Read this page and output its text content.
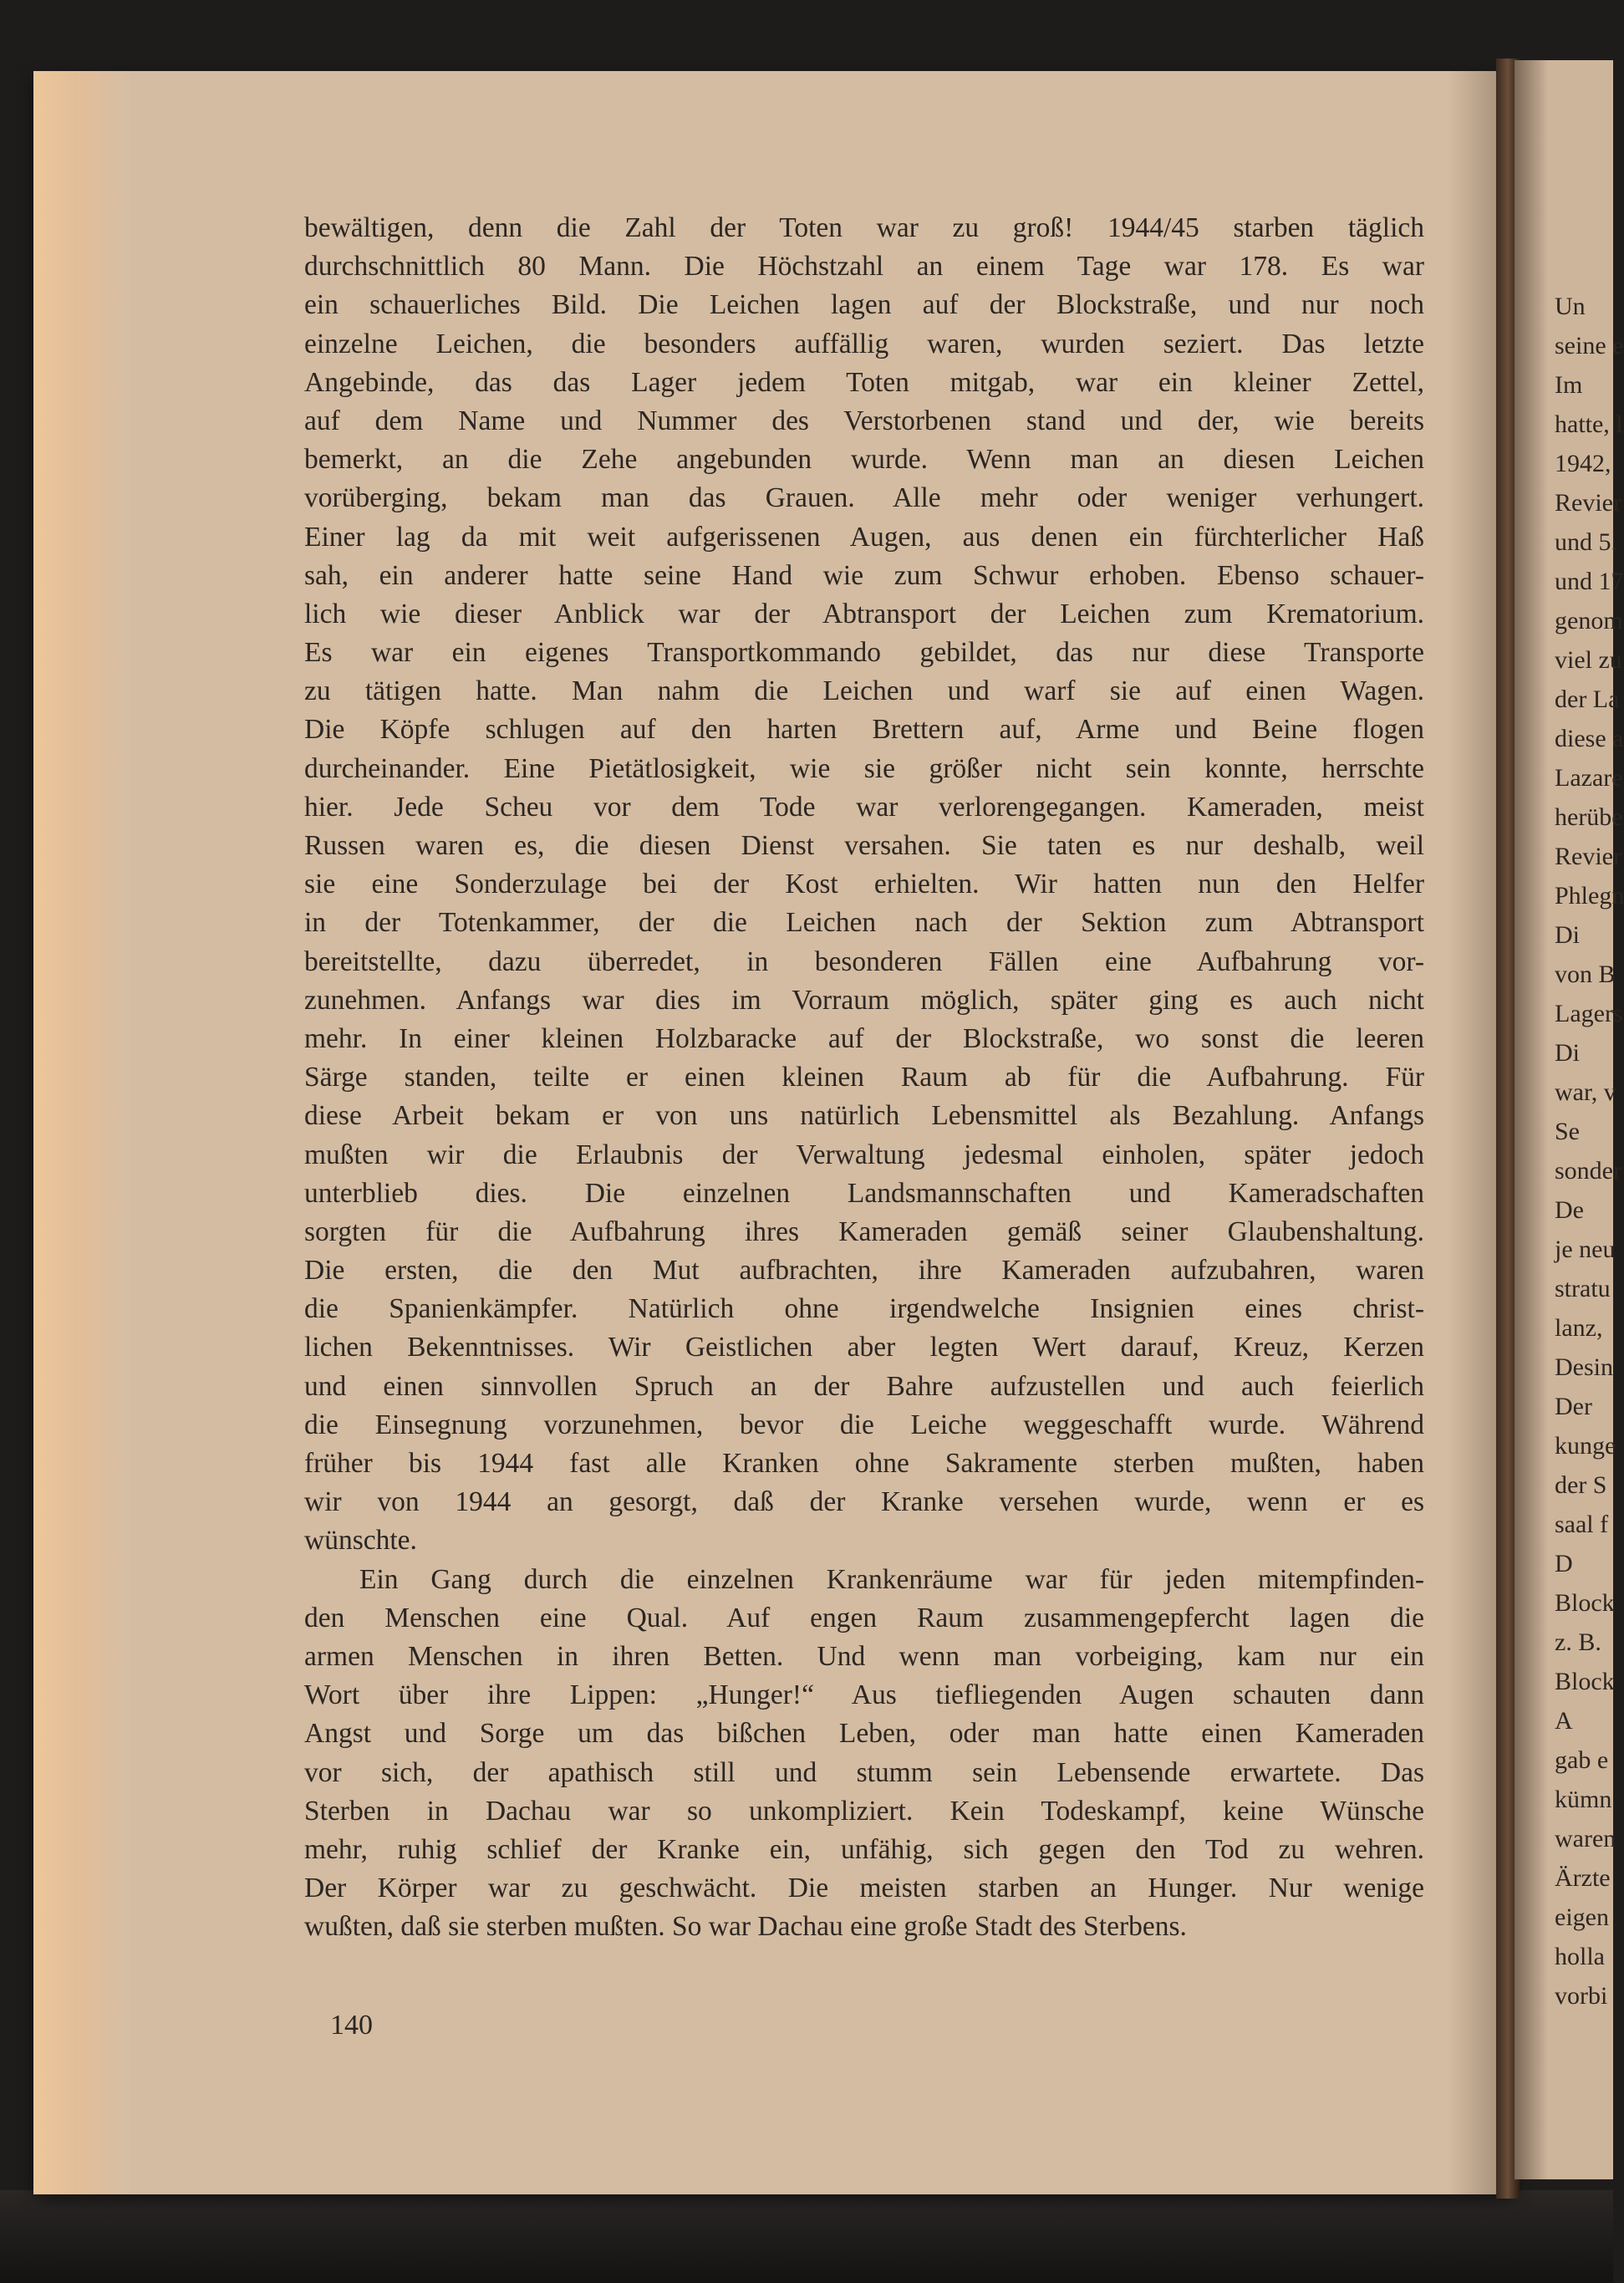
Un

seine e

Im

hatte, l

1942,

Revier

und 5.

und 17

genom

viel zu

der La

diese a

Lazare

herübe

Revier

Phlegn

Di

von B

Lagers

Di

war, v

Se

sonder

De

je neu

stratu

lanz,

Desin

Der

kunge

der S

saal f

D

Block

z. B.

Block

A

gab e

kümn

waren

Ärzte

eigen

holla

vorbi

bewältigen, denn die Zahl der Toten war zu groß! 1944/45 starben täglich

durchschnittlich 80 Mann. Die Höchstzahl an einem Tage war 178. Es war

ein schauerliches Bild. Die Leichen lagen auf der Blockstraße, und nur noch

einzelne Leichen, die besonders auffällig waren, wurden seziert. Das letzte

Angebinde, das das Lager jedem Toten mitgab, war ein kleiner Zettel,

auf dem Name und Nummer des Verstorbenen stand und der, wie bereits

bemerkt, an die Zehe angebunden wurde. Wenn man an diesen Leichen

vorüberging, bekam man das Grauen. Alle mehr oder weniger verhungert.

Einer lag da mit weit aufgerissenen Augen, aus denen ein fürchterlicher Haß

sah, ein anderer hatte seine Hand wie zum Schwur erhoben. Ebenso schauer-

lich wie dieser Anblick war der Abtransport der Leichen zum Krematorium.

Es war ein eigenes Transportkommando gebildet, das nur diese Transporte

zu tätigen hatte. Man nahm die Leichen und warf sie auf einen Wagen.

Die Köpfe schlugen auf den harten Brettern auf, Arme und Beine flogen

durcheinander. Eine Pietätlosigkeit, wie sie größer nicht sein konnte, herrschte

hier. Jede Scheu vor dem Tode war verlorengegangen. Kameraden, meist

Russen waren es, die diesen Dienst versahen. Sie taten es nur deshalb, weil

sie eine Sonderzulage bei der Kost erhielten. Wir hatten nun den Helfer

in der Totenkammer, der die Leichen nach der Sektion zum Abtransport

bereitstellte, dazu überredet, in besonderen Fällen eine Aufbahrung vor-

zunehmen. Anfangs war dies im Vorraum möglich, später ging es auch nicht

mehr. In einer kleinen Holzbaracke auf der Blockstraße, wo sonst die leeren

Särge standen, teilte er einen kleinen Raum ab für die Aufbahrung. Für

diese Arbeit bekam er von uns natürlich Lebensmittel als Bezahlung. Anfangs

mußten wir die Erlaubnis der Verwaltung jedesmal einholen, später jedoch

unterblieb dies. Die einzelnen Landsmannschaften und Kameradschaften

sorgten für die Aufbahrung ihres Kameraden gemäß seiner Glaubenshaltung.

Die ersten, die den Mut aufbrachten, ihre Kameraden aufzubahren, waren

die Spanienkämpfer. Natürlich ohne irgendwelche Insignien eines christ-

lichen Bekenntnisses. Wir Geistlichen aber legten Wert darauf, Kreuz, Kerzen

und einen sinnvollen Spruch an der Bahre aufzustellen und auch feierlich

die Einsegnung vorzunehmen, bevor die Leiche weggeschafft wurde. Während

früher bis 1944 fast alle Kranken ohne Sakramente sterben mußten, haben

wir von 1944 an gesorgt, daß der Kranke versehen wurde, wenn er es

wünschte.

Ein Gang durch die einzelnen Krankenräume war für jeden mitempfinden-

den Menschen eine Qual. Auf engen Raum zusammengepfercht lagen die

armen Menschen in ihren Betten. Und wenn man vorbeiging, kam nur ein

Wort über ihre Lippen: „Hunger!“ Aus tiefliegenden Augen schauten dann

Angst und Sorge um das bißchen Leben, oder man hatte einen Kameraden

vor sich, der apathisch still und stumm sein Lebensende erwartete. Das

Sterben in Dachau war so unkompliziert. Kein Todeskampf, keine Wünsche

mehr, ruhig schlief der Kranke ein, unfähig, sich gegen den Tod zu wehren.

Der Körper war zu geschwächt. Die meisten starben an Hunger. Nur wenige

wußten, daß sie sterben mußten. So war Dachau eine große Stadt des Sterbens.

140
